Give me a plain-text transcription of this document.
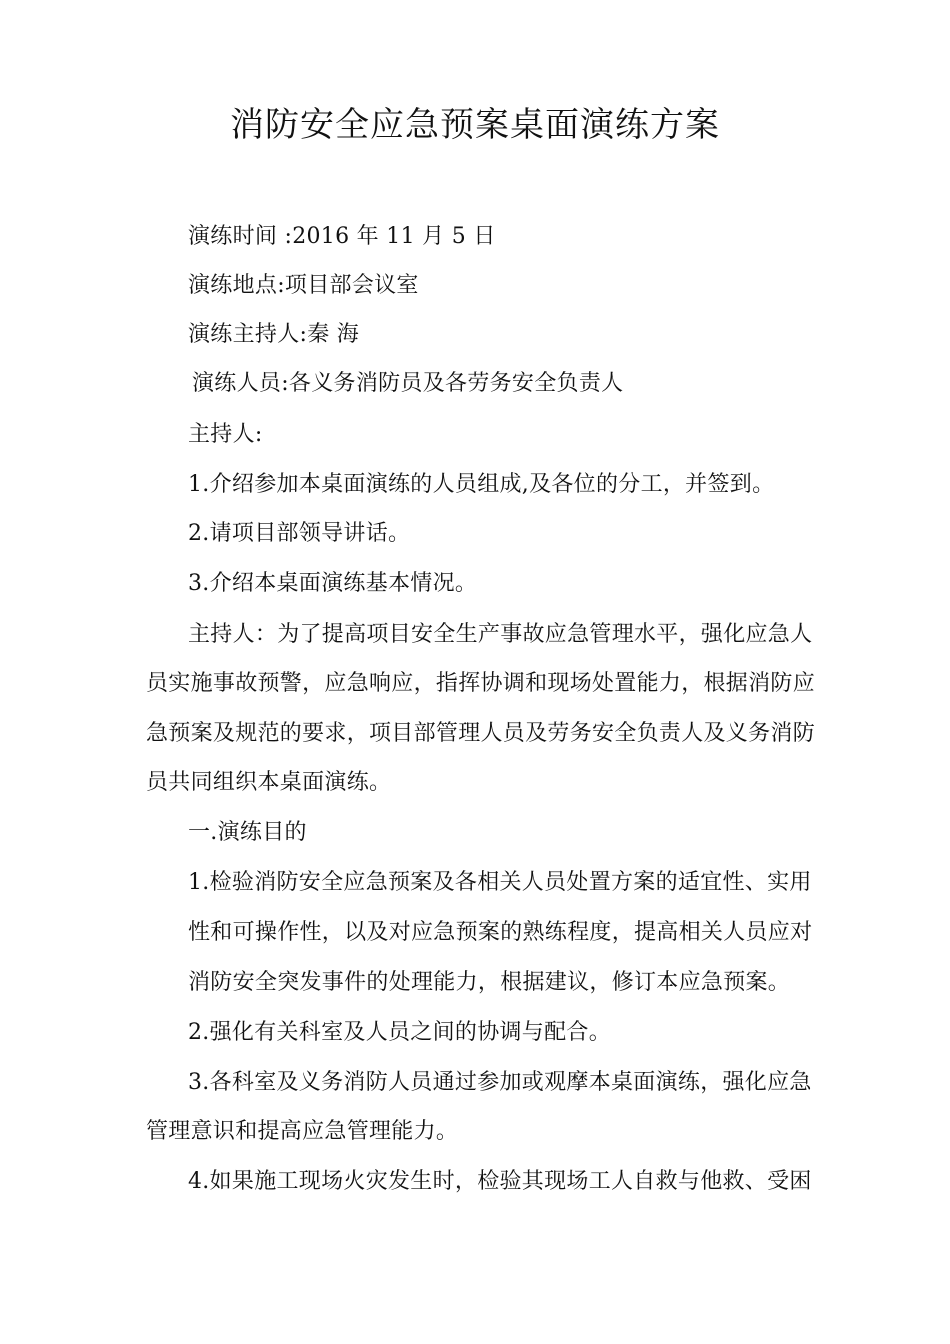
消防安全应急预案桌面演练方案
演练时间 :2016 年 11 月 5 日
演练地点:项目部会议室
演练主持人:秦 海
演练人员:各义务消防员及各劳务安全负责人
主持人:
1.介绍参加本桌面演练的人员组成,及各位的分工，并签到。
2.请项目部领导讲话。
3.介绍本桌面演练基本情况。
主持人：为了提高项目安全生产事故应急管理水平，强化应急人
员实施事故预警，应急响应，指挥协调和现场处置能力，根据消防应
急预案及规范的要求，项目部管理人员及劳务安全负责人及义务消防
员共同组织本桌面演练。
一.演练目的
1.检验消防安全应急预案及各相关人员处置方案的适宜性、实用
性和可操作性，以及对应急预案的熟练程度，提高相关人员应对
消防安全突发事件的处理能力，根据建议，修订本应急预案。
2.强化有关科室及人员之间的协调与配合。
3.各科室及义务消防人员通过参加或观摩本桌面演练，强化应急
管理意识和提高应急管理能力。
4.如果施工现场火灾发生时，检验其现场工人自救与他救、受困
